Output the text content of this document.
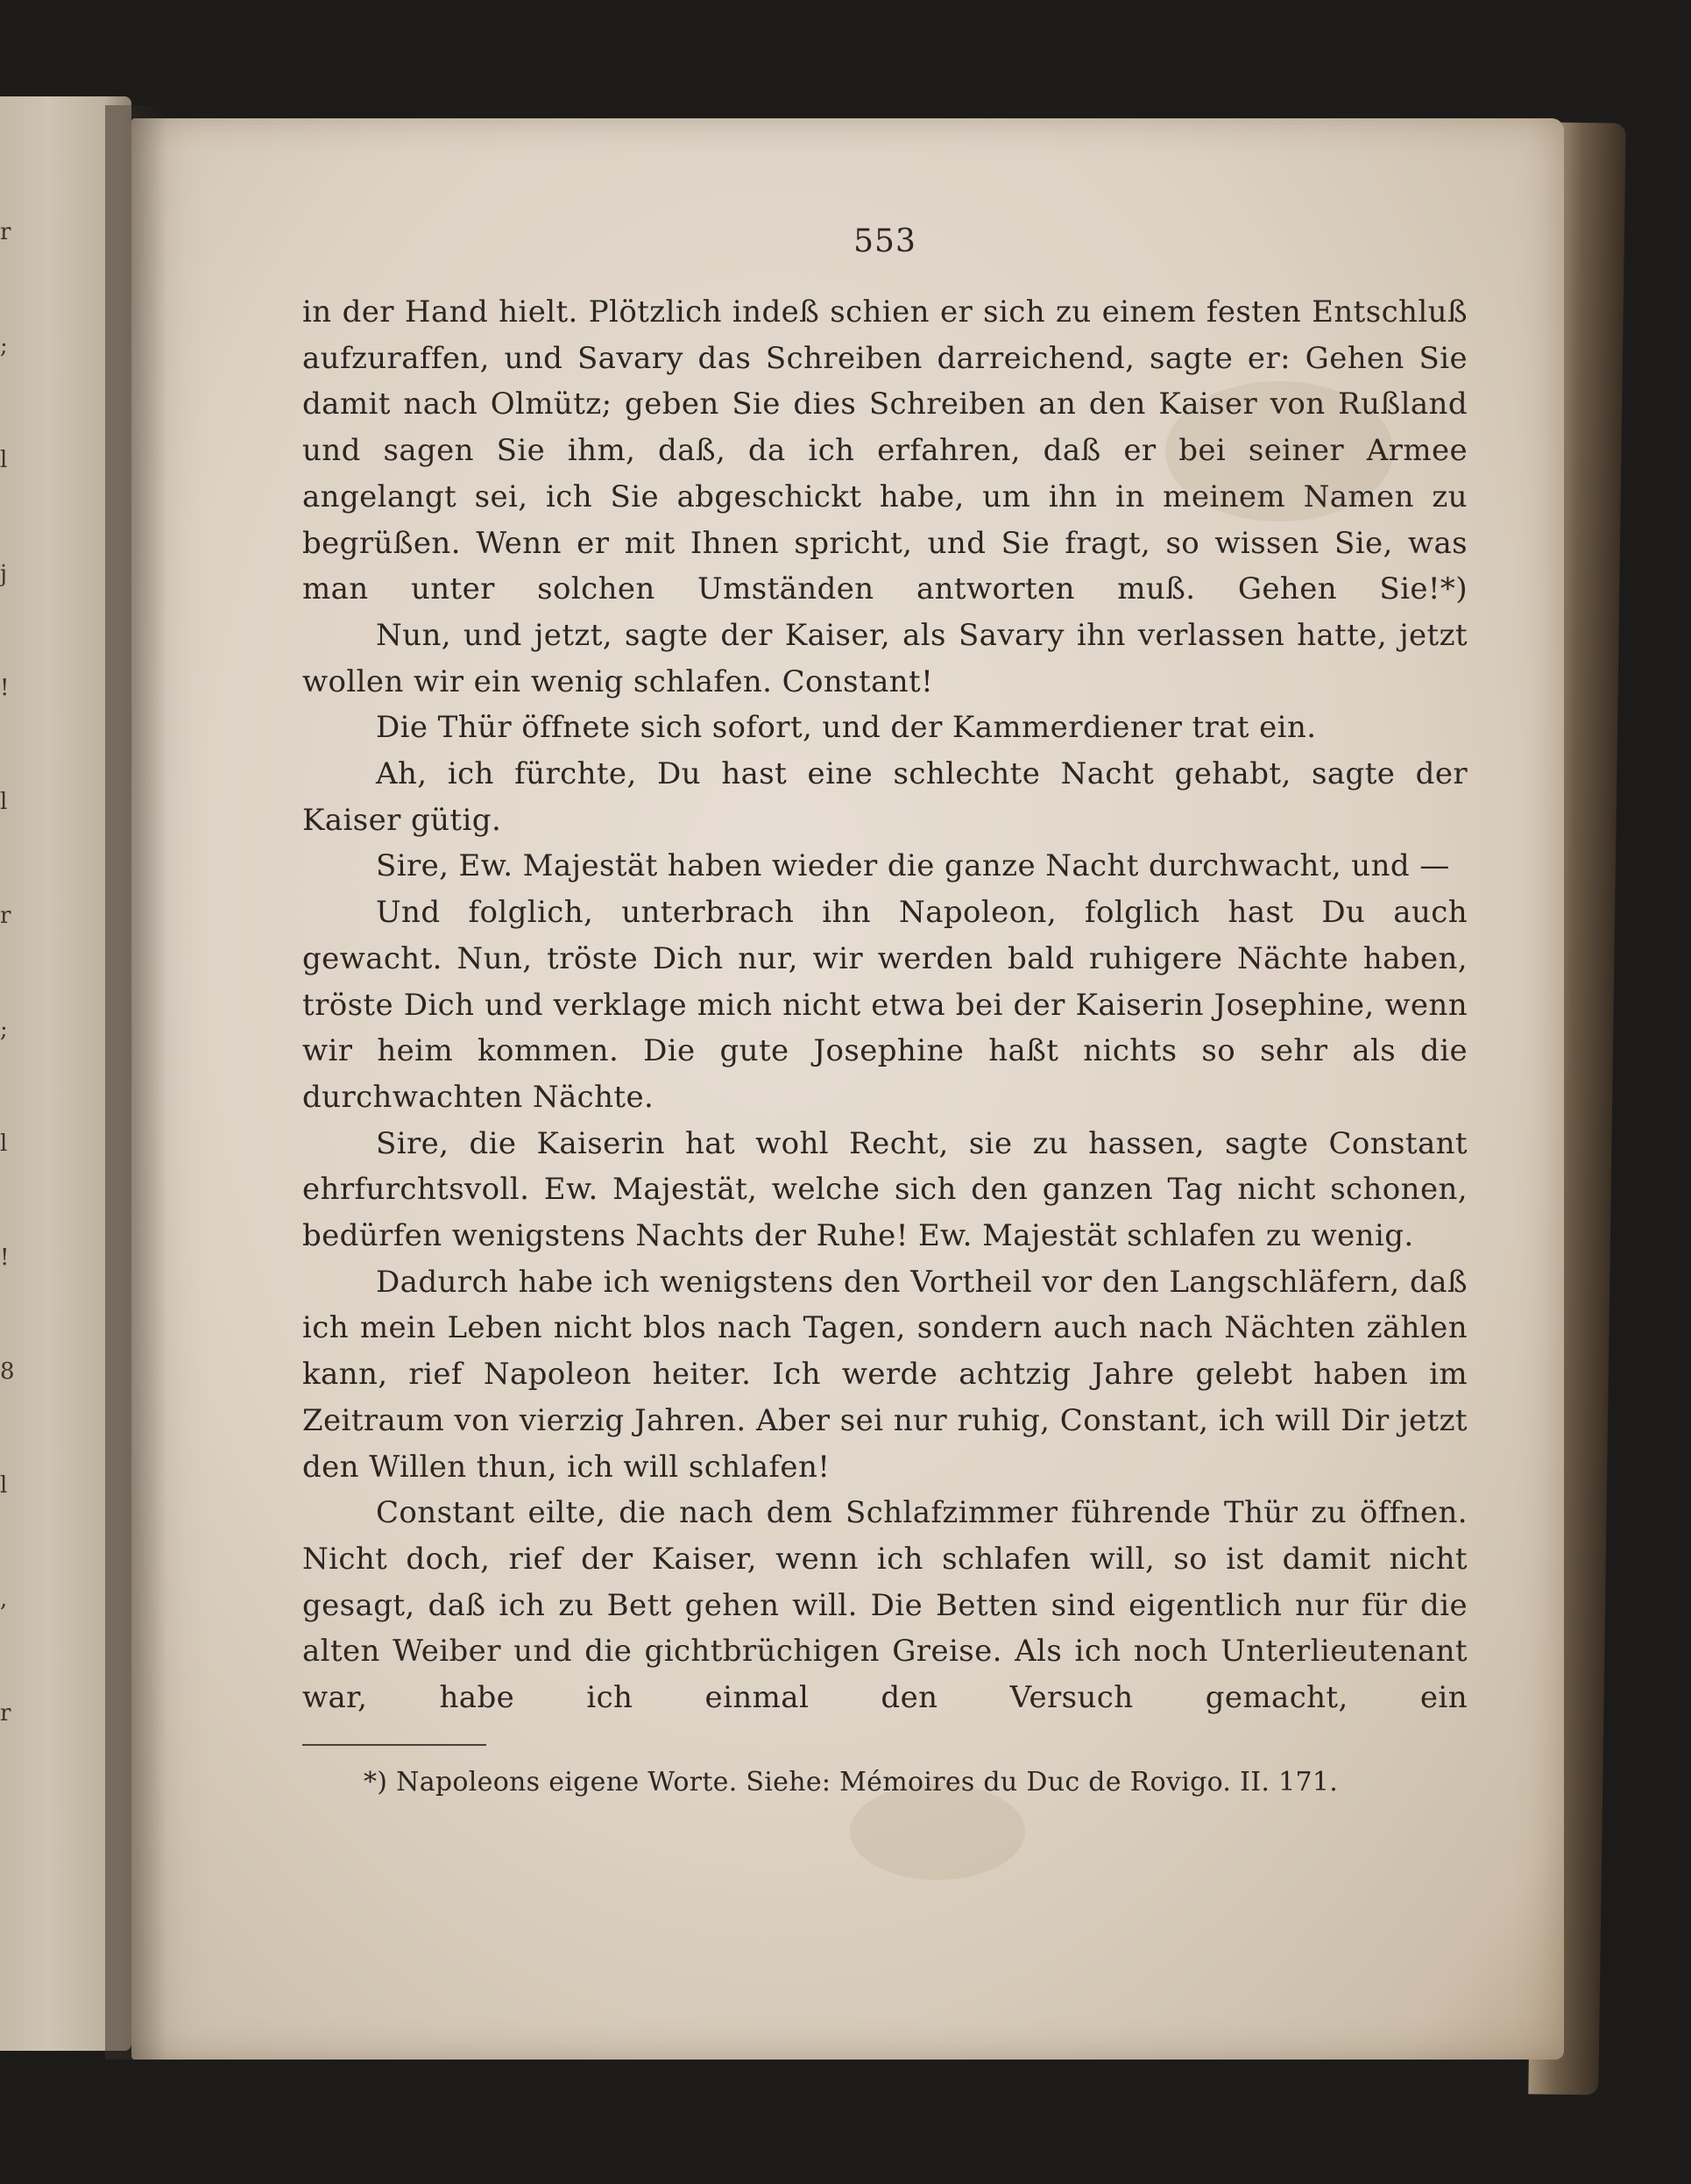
553

in der Hand hielt. Plötzlich indeß schien er sich zu einem festen Entschluß aufzuraffen, und Savary das Schreiben darreichend, sagte er: Gehen Sie damit nach Olmütz; geben Sie dies Schreiben an den Kaiser von Rußland und sagen Sie ihm, daß, da ich erfahren, daß er bei seiner Armee angelangt sei, ich Sie abgeschickt habe, um ihn in meinem Namen zu begrüßen. Wenn er mit Ihnen spricht, und Sie fragt, so wissen Sie, was man unter solchen Umständen antworten muß. Gehen Sie!*)

Nun, und jetzt, sagte der Kaiser, als Savary ihn verlassen hatte, jetzt wollen wir ein wenig schlafen. Constant!

Die Thür öffnete sich sofort, und der Kammerdiener trat ein.

Ah, ich fürchte, Du hast eine schlechte Nacht gehabt, sagte der Kaiser gütig.

Sire, Ew. Majestät haben wieder die ganze Nacht durchwacht, und —

Und folglich, unterbrach ihn Napoleon, folglich hast Du auch gewacht. Nun, tröste Dich nur, wir werden bald ruhigere Nächte haben, tröste Dich und verklage mich nicht etwa bei der Kaiserin Josephine, wenn wir heim kommen. Die gute Josephine haßt nichts so sehr als die durchwachten Nächte.

Sire, die Kaiserin hat wohl Recht, sie zu hassen, sagte Constant ehrfurchtsvoll. Ew. Majestät, welche sich den ganzen Tag nicht schonen, bedürfen wenigstens Nachts der Ruhe! Ew. Majestät schlafen zu wenig.

Dadurch habe ich wenigstens den Vortheil vor den Langschläfern, daß ich mein Leben nicht blos nach Tagen, sondern auch nach Nächten zählen kann, rief Napoleon heiter. Ich werde achtzig Jahre gelebt haben im Zeitraum von vierzig Jahren. Aber sei nur ruhig, Constant, ich will Dir jetzt den Willen thun, ich will schlafen!

Constant eilte, die nach dem Schlafzimmer führende Thür zu öffnen. Nicht doch, rief der Kaiser, wenn ich schlafen will, so ist damit nicht gesagt, daß ich zu Bett gehen will. Die Betten sind eigentlich nur für die alten Weiber und die gichtbrüchigen Greise. Als ich noch Unterlieutenant war, habe ich einmal den Versuch gemacht, ein

*) Napoleons eigene Worte. Siehe: Mémoires du Duc de Rovigo. II. 171.
r
;
l
j
!
l
r
;
l
!
8
l
,
r
